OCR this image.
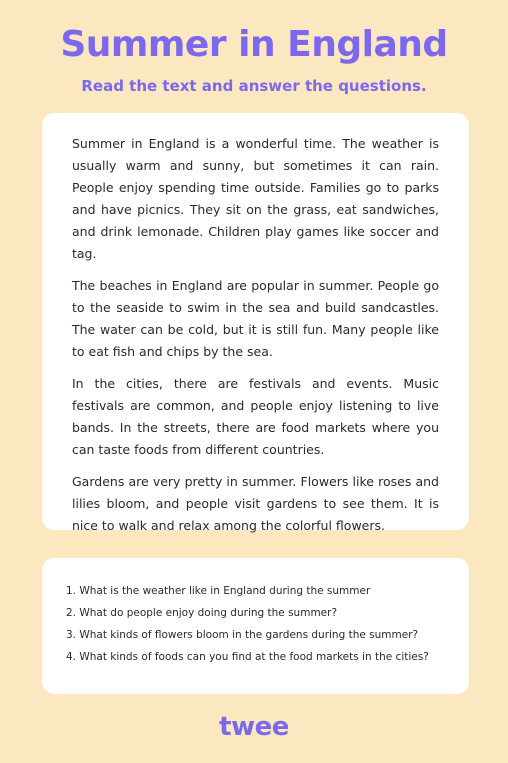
Summer in England
Read the text and answer the questions.

Summer in England is a wonderful time. The weather is usually warm and sunny, but sometimes it can rain. People enjoy spending time outside. Families go to parks and have picnics. They sit on the grass, eat sandwiches, and drink lemonade. Children play games like soccer and tag.

The beaches in England are popular in summer. People go to the seaside to swim in the sea and build sandcastles. The water can be cold, but it is still fun. Many people like to eat fish and chips by the sea.

In the cities, there are festivals and events. Music festivals are common, and people enjoy listening to live bands. In the streets, there are food markets where you can taste foods from different countries.

Gardens are very pretty in summer. Flowers like roses and lilies bloom, and people visit gardens to see them. It is nice to walk and relax among the colorful flowers.

1. What is the weather like in England during the summer
2. What do people enjoy doing during the summer?
3. What kinds of flowers bloom in the gardens during the summer?
4. What kinds of foods can you find at the food markets in the cities?
twee
